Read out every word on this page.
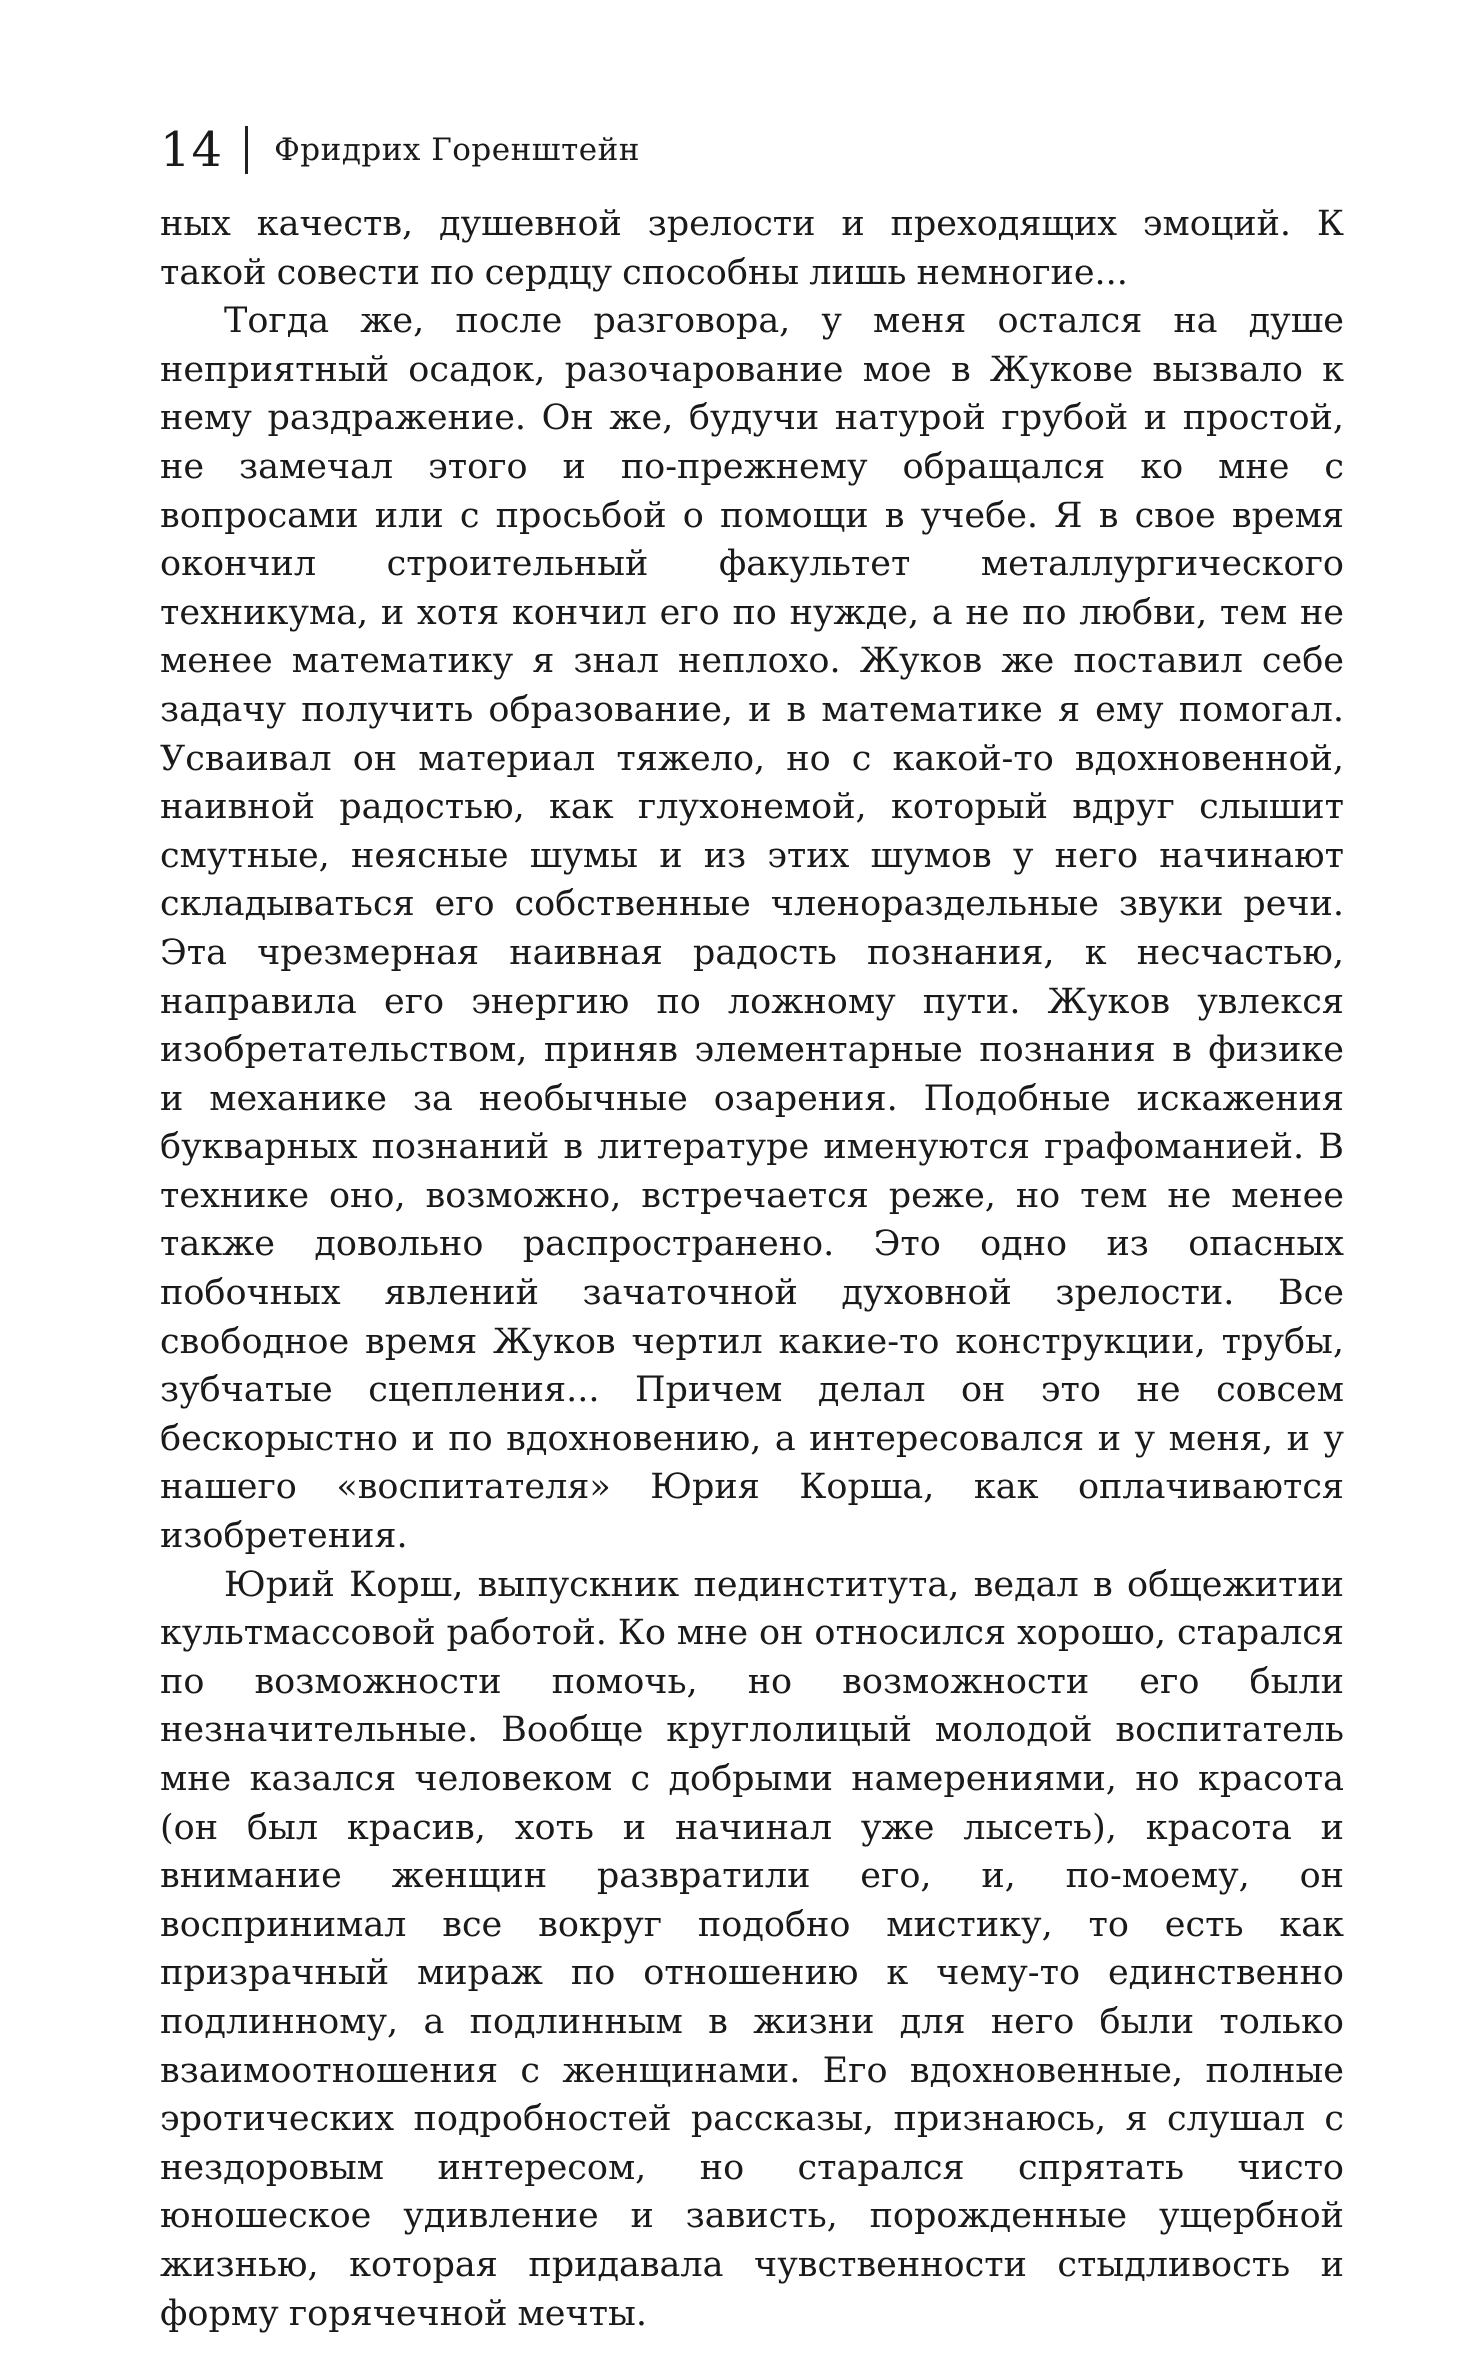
14 Фридрих Горенштейн

ных качеств, душевной зрелости и преходящих эмоций. К такой совести по сердцу способны лишь немногие...

Тогда же, после разговора, у меня остался на душе неприятный осадок, разочарование мое в Жукове вызвало к нему раздражение. Он же, будучи натурой грубой и простой, не замечал этого и по-прежнему обращался ко мне с вопросами или с просьбой о помощи в учебе. Я в свое время окончил строительный факультет металлургического техникума, и хотя кончил его по нужде, а не по любви, тем не менее математику я знал неплохо. Жуков же поставил себе задачу получить образование, и в математике я ему помогал. Усваивал он материал тяжело, но с какой-то вдохновенной, наивной радостью, как глухонемой, который вдруг слышит смутные, неясные шумы и из этих шумов у него начинают складываться его собственные членораздельные звуки речи. Эта чрезмерная наивная радость познания, к несчастью, направила его энергию по ложному пути. Жуков увлекся изобретательством, приняв элементарные познания в физике и механике за необычные озарения. Подобные искажения букварных познаний в литературе именуются графоманией. В технике оно, возможно, встречается реже, но тем не менее также довольно распространено. Это одно из опасных побочных явлений зачаточной духовной зрелости. Все свободное время Жуков чертил какие-то конструкции, трубы, зубчатые сцепления... Причем делал он это не совсем бескорыстно и по вдохновению, а интересовался и у меня, и у нашего «воспитателя» Юрия Корша, как оплачиваются изобретения.

Юрий Корш, выпускник пединститута, ведал в общежитии культмассовой работой. Ко мне он относился хорошо, старался по возможности помочь, но возможности его были незначительные. Вообще круглолицый молодой воспитатель мне казался человеком с добрыми намерениями, но красота (он был красив, хоть и начинал уже лысеть), красота и внимание женщин развратили его, и, по-моему, он воспринимал все вокруг подобно мистику, то есть как призрачный мираж по отношению к чему-то единственно подлинному, а подлинным в жизни для него были только взаимоотношения с женщинами. Его вдохновенные, полные эротических подробностей рассказы, признаюсь, я слушал с нездоровым интересом, но старался спрятать чисто юношеское удивление и зависть, порожденные ущербной жизнью, которая придавала чувственности стыдливость и форму горячечной мечты.
